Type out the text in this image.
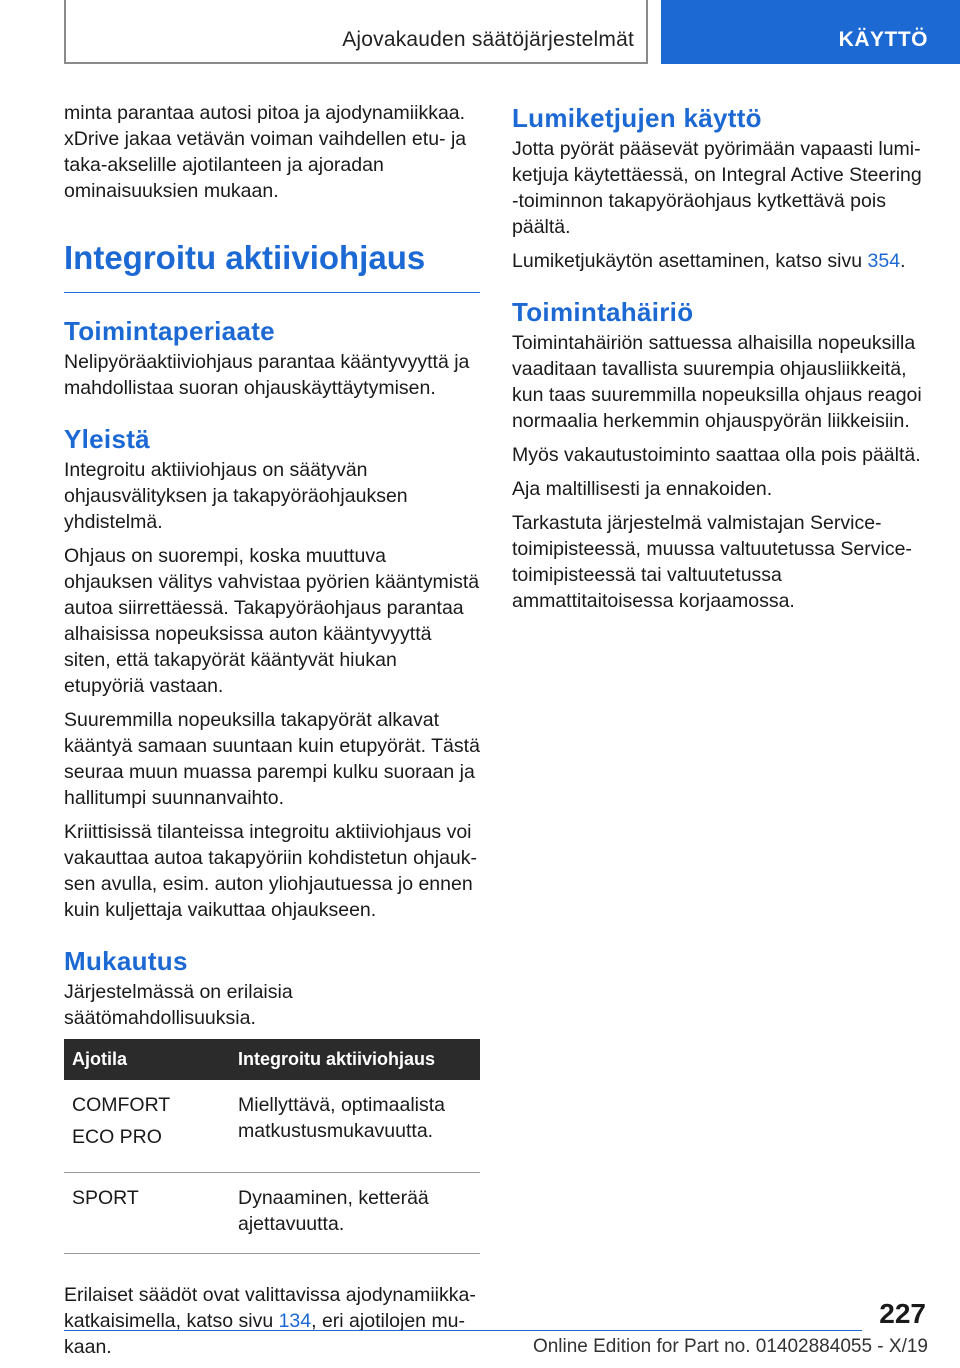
Ajovakauden säätöjärjestelmät	KÄYTTÖ

minta parantaa autosi pitoa ja ajodynamiikkaa. xDrive jakaa vetävän voiman vaihdellen etu- ja taka-akselille ajotilanteen ja ajoradan ominaisuuksien mukaan.

Integroitu aktiiviohjaus
Toimintaperiaate

Nelipyöräaktiiviohjaus parantaa kääntyvyyttä ja mahdollistaa suoran ohjauskäyttäytymisen.

Yleistä

Integroitu aktiiviohjaus on säätyvän ohjausvälityksen ja takapyöräohjauksen yhdistelmä.

Ohjaus on suorempi, koska muuttuva ohjauksen välitys vahvistaa pyörien kääntymistä autoa siirrettäessä. Takapyöräohjaus parantaa alhaisissa nopeuksissa auton kääntyvyyttä siten, että takapyörät kääntyvät hiukan etupyöriä vastaan.

Suuremmilla nopeuksilla takapyörät alkavat kääntyä samaan suuntaan kuin etupyörät. Tästä seuraa muun muassa parempi kulku suoraan ja hallitumpi suunnanvaihto.

Kriittisissä tilanteissa integroitu aktiiviohjaus voi vakauttaa autoa takapyöriin kohdistetun ohjauksen avulla, esim. auton yliohjautuessa jo ennen kuin kuljettaja vaikuttaa ohjaukseen.

Mukautus

Järjestelmässä on erilaisia säätömahdollisuuksia.

Ajotila	Integroitu aktiiviohjaus

COMFORT
ECO PRO	Miellyttävä, optimaalista matkustusmukavuutta.

SPORT	Dynaaminen, ketterää ajettavuutta.

Erilaiset säädöt ovat valittavissa ajodynamiikkakatkaisimella, katso sivu 134, eri ajotilojen mukaan.

Lumiketjujen käyttö

Jotta pyörät pääsevät pyörimään vapaasti lumiketjuja käytettäessä, on Integral Active Steering -toiminnon takapyöräohjaus kytkettävä pois päältä.

Lumiketjukäytön asettaminen, katso sivu 354.

Toimintahäiriö

Toimintahäiriön sattuessa alhaisilla nopeuksilla vaaditaan tavallista suurempia ohjausliikkeitä, kun taas suuremmilla nopeuksilla ohjaus reagoi normaalia herkemmin ohjauspyörän liikkeisiin.

Myös vakautustoiminto saattaa olla pois päältä.

Aja maltillisesti ja ennakoiden.

Tarkastuta järjestelmä valmistajan Service-toimipisteessä, muussa valtuutetussa Service-toimipisteessä tai valtuutetussa ammattitaitoisessa korjaamossa.

227
Online Edition for Part no. 01402884055 - X/19
